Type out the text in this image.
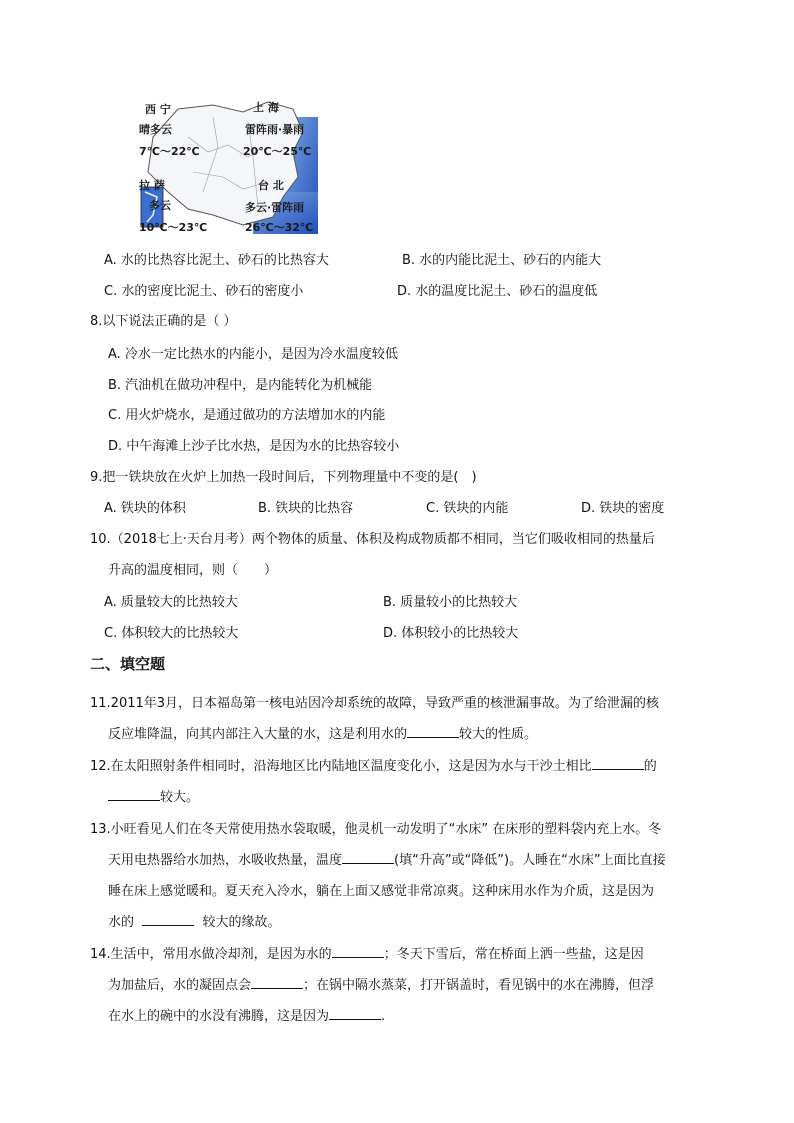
西 宁
晴多云
7℃～22℃
上 海
雷阵雨·暴雨
20℃～25℃
拉 萨
多云
10℃～23℃
台 北
多云·雷阵雨
26℃～32℃
A. 水的比热容比泥土、砂石的比热容大	B. 水的内能比泥土、砂石的内能大
C. 水的密度比泥土、砂石的密度小	D. 水的温度比泥土、砂石的温度低
8.以下说法正确的是（ ）
A. 冷水一定比热水的内能小，是因为冷水温度较低
B. 汽油机在做功冲程中，是内能转化为机械能
C. 用火炉烧水，是通过做功的方法增加水的内能
D. 中午海滩上沙子比水热，是因为水的比热容较小
9.把一铁块放在火炉上加热一段时间后，下列物理量中不变的是(　)
A. 铁块的体积	B. 铁块的比热容	C. 铁块的内能	D. 铁块的密度
10.（2018七上·天台月考）两个物体的质量、体积及构成物质都不相同，当它们吸收相同的热量后
升高的温度相同，则（　　）
A. 质量较大的比热较大	B. 质量较小的比热较大
C. 体积较大的比热较大	D. 体积较小的比热较大
二、填空题
11.2011年3月，日本福岛第一核电站因冷却系统的故障，导致严重的核泄漏事故。为了给泄漏的核
反应堆降温，向其内部注入大量的水，这是利用水的	较大的性质。
12.在太阳照射条件相同时，沿海地区比内陆地区温度变化小，这是因为水与干沙土相比	的
较大。
13.小旺看见人们在冬天常使用热水袋取暖，他灵机一动发明了“水床” 在床形的塑料袋内充上水。冬
天用电热器给水加热，水吸收热量，温度	(填“升高”或“降低”)。人睡在“水床”上面比直接
睡在床上感觉暖和。夏天充入冷水，躺在上面又感觉非常凉爽。这种床用水作为介质，这是因为
水的	较大的缘故。
14.生活中，常用水做冷却剂，是因为水的	；冬天下雪后，常在桥面上洒一些盐，这是因
为加盐后，水的凝固点会	；在锅中隔水蒸菜，打开锅盖时，看见锅中的水在沸腾，但浮
在水上的碗中的水没有沸腾，这是因为	.
